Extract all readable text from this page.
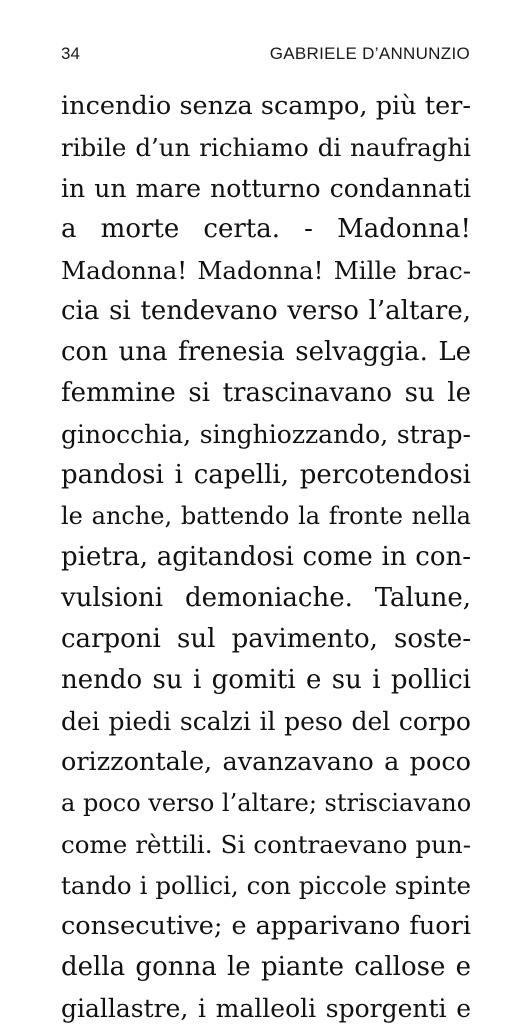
34	GABRIELE D’ANNUNZIO
incendio senza scampo, più ter-
ribile d’un richiamo di naufraghi
in un mare notturno condannati
a morte certa. - Madonna!
Madonna! Madonna! Mille brac-
cia si tendevano verso l’altare,
con una frenesia selvaggia. Le
femmine si trascinavano su le
ginocchia, singhiozzando, strap-
pandosi i capelli, percotendosi
le anche, battendo la fronte nella
pietra, agitandosi come in con-
vulsioni demoniache. Talune,
carponi sul pavimento, soste-
nendo su i gomiti e su i pollici
dei piedi scalzi il peso del corpo
orizzontale, avanzavano a poco
a poco verso l’altare; strisciavano
come rèttili. Si contraevano pun-
tando i pollici, con piccole spinte
consecutive; e apparivano fuori
della gonna le piante callose e
giallastre, i malleoli sporgenti e
